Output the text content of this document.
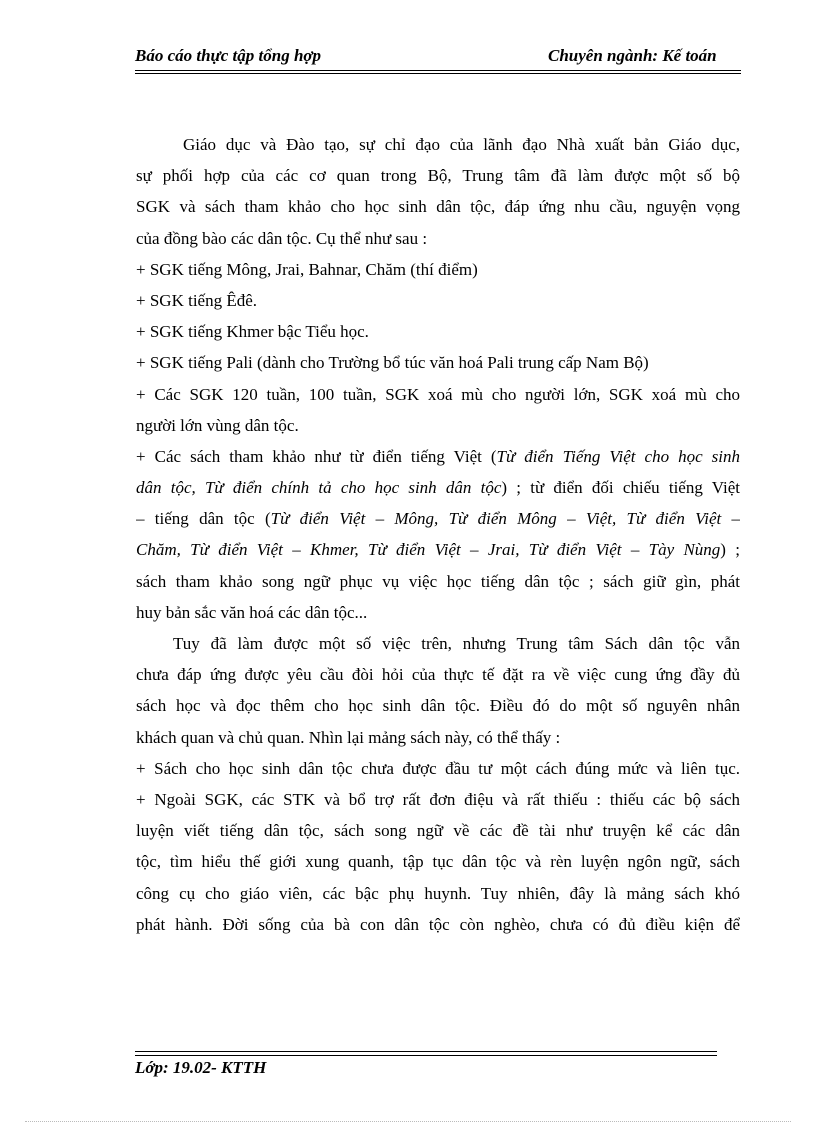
Báo cáo thực tập tổng hợp	Chuyên ngành: Kế toán
Giáo dục và Đào tạo, sự chỉ đạo của lãnh đạo Nhà xuất bản Giáo dục,
sự phối hợp của các cơ quan trong Bộ, Trung tâm đã làm được một số bộ
SGK và sách tham khảo cho học sinh dân tộc, đáp ứng nhu cầu, nguyện vọng
của đồng bào các dân tộc. Cụ thể như sau :
+ SGK tiếng Mông, Jrai, Bahnar, Chăm (thí điểm)
+ SGK tiếng Êđê.
+ SGK tiếng Khmer bậc Tiểu học.
+ SGK tiếng Pali (dành cho Trường bổ túc văn hoá Pali trung cấp Nam Bộ)
+ Các SGK 120 tuần, 100 tuần, SGK xoá mù cho người lớn, SGK xoá mù cho
người lớn vùng dân tộc.
+ Các sách tham khảo như từ điển tiếng Việt (Từ điển Tiếng Việt cho học sinh
dân tộc, Từ điển chính tả cho học sinh dân tộc) ; từ điển đối chiếu tiếng Việt
– tiếng dân tộc (Từ điển Việt – Mông, Từ điển Mông – Việt, Từ điển Việt –
Chăm, Từ điển Việt – Khmer, Từ điển Việt – Jrai, Từ điển Việt – Tày Nùng) ;
sách tham khảo song ngữ phục vụ việc học tiếng dân tộc ; sách giữ gìn, phát
huy bản sắc văn hoá các dân tộc...
Tuy đã làm được một số việc trên, nhưng Trung tâm Sách dân tộc vẫn
chưa đáp ứng được yêu cầu đòi hỏi của thực tế đặt ra về việc cung ứng đầy đủ
sách học và đọc thêm cho học sinh dân tộc. Điều đó do một số nguyên nhân
khách quan và chủ quan. Nhìn lại mảng sách này, có thể thấy :
+ Sách cho học sinh dân tộc chưa được đầu tư một cách đúng mức và liên tục.
+ Ngoài SGK, các STK và bổ trợ rất đơn điệu và rất thiếu : thiếu các bộ sách
luyện viết tiếng dân tộc, sách song ngữ về các đề tài như truyện kể các dân
tộc, tìm hiểu thế giới xung quanh, tập tục dân tộc và rèn luyện ngôn ngữ, sách
công cụ cho giáo viên, các bậc phụ huynh. Tuy nhiên, đây là mảng sách khó
phát hành. Đời sống của bà con dân tộc còn nghèo, chưa có đủ điều kiện để
Lớp: 19.02- KTTH
